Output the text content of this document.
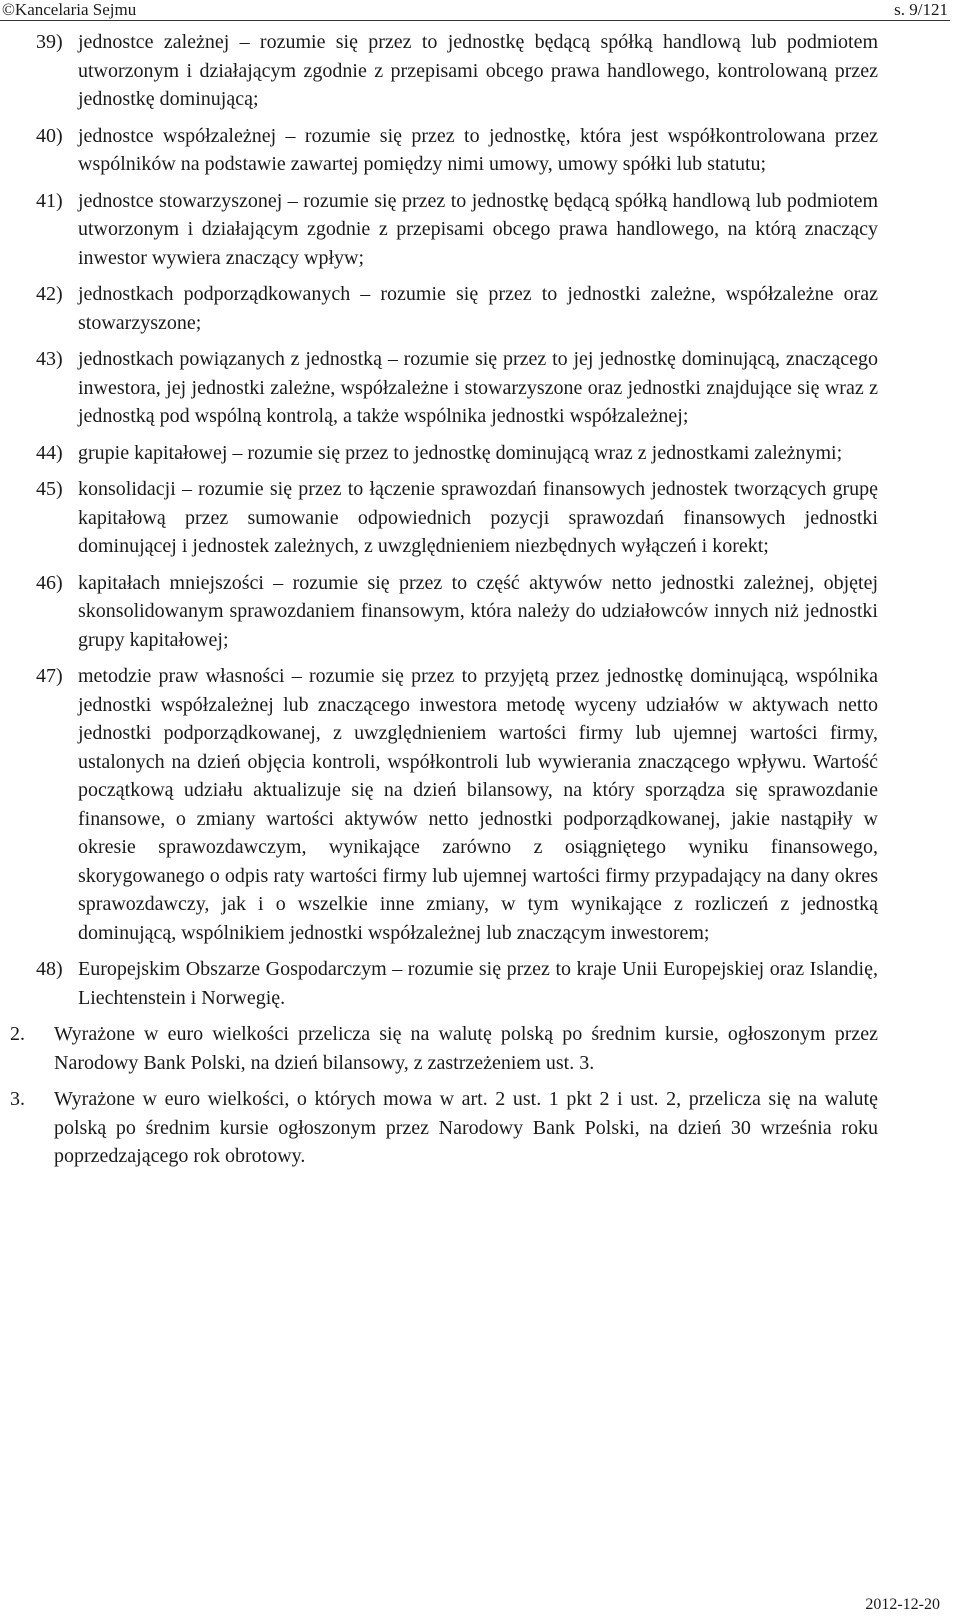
©Kancelaria Sejmu	s. 9/121
39) jednostce zależnej – rozumie się przez to jednostkę będącą spółką handlową lub podmiotem utworzonym i działającym zgodnie z przepisami obcego prawa handlowego, kontrolowaną przez jednostkę dominującą;
40) jednostce współzależnej – rozumie się przez to jednostkę, która jest współkontrolowana przez wspólników na podstawie zawartej pomiędzy nimi umowy, umowy spółki lub statutu;
41) jednostce stowarzyszonej – rozumie się przez to jednostkę będącą spółką handlową lub podmiotem utworzonym i działającym zgodnie z przepisami obcego prawa handlowego, na którą znaczący inwestor wywiera znaczący wpływ;
42) jednostkach podporządkowanych – rozumie się przez to jednostki zależne, współzależne oraz stowarzyszone;
43) jednostkach powiązanych z jednostką – rozumie się przez to jej jednostkę dominującą, znaczącego inwestora, jej jednostki zależne, współzależne i stowarzyszone oraz jednostki znajdujące się wraz z jednostką pod wspólną kontrolą, a także wspólnika jednostki współzależnej;
44) grupie kapitałowej – rozumie się przez to jednostkę dominującą wraz z jednostkami zależnymi;
45) konsolidacji – rozumie się przez to łączenie sprawozdań finansowych jednostek tworzących grupę kapitałową przez sumowanie odpowiednich pozycji sprawozdań finansowych jednostki dominującej i jednostek zależnych, z uwzględnieniem niezbędnych wyłączeń i korekt;
46) kapitałach mniejszości – rozumie się przez to część aktywów netto jednostki zależnej, objętej skonsolidowanym sprawozdaniem finansowym, która należy do udziałowców innych niż jednostki grupy kapitałowej;
47) metodzie praw własności – rozumie się przez to przyjętą przez jednostkę dominującą, wspólnika jednostki współzależnej lub znaczącego inwestora metodę wyceny udziałów w aktywach netto jednostki podporządkowanej, z uwzględnieniem wartości firmy lub ujemnej wartości firmy, ustalonych na dzień objęcia kontroli, współkontroli lub wywierania znaczącego wpływu. Wartość początkową udziału aktualizuje się na dzień bilansowy, na który sporządza się sprawozdanie finansowe, o zmiany wartości aktywów netto jednostki podporządkowanej, jakie nastąpiły w okresie sprawozdawczym, wynikające zarówno z osiągniętego wyniku finansowego, skorygowanego o odpis raty wartości firmy lub ujemnej wartości firmy przypadający na dany okres sprawozdawczy, jak i o wszelkie inne zmiany, w tym wynikające z rozliczeń z jednostką dominującą, wspólnikiem jednostki współzależnej lub znaczącym inwestorem;
48) Europejskim Obszarze Gospodarczym – rozumie się przez to kraje Unii Europejskiej oraz Islandię, Liechtenstein i Norwegię.
2. Wyrażone w euro wielkości przelicza się na walutę polską po średnim kursie, ogłoszonym przez Narodowy Bank Polski, na dzień bilansowy, z zastrzeżeniem ust. 3.
3. Wyrażone w euro wielkości, o których mowa w art. 2 ust. 1 pkt 2 i ust. 2, przelicza się na walutę polską po średnim kursie ogłoszonym przez Narodowy Bank Polski, na dzień 30 września roku poprzedzającego rok obrotowy.
2012-12-20
